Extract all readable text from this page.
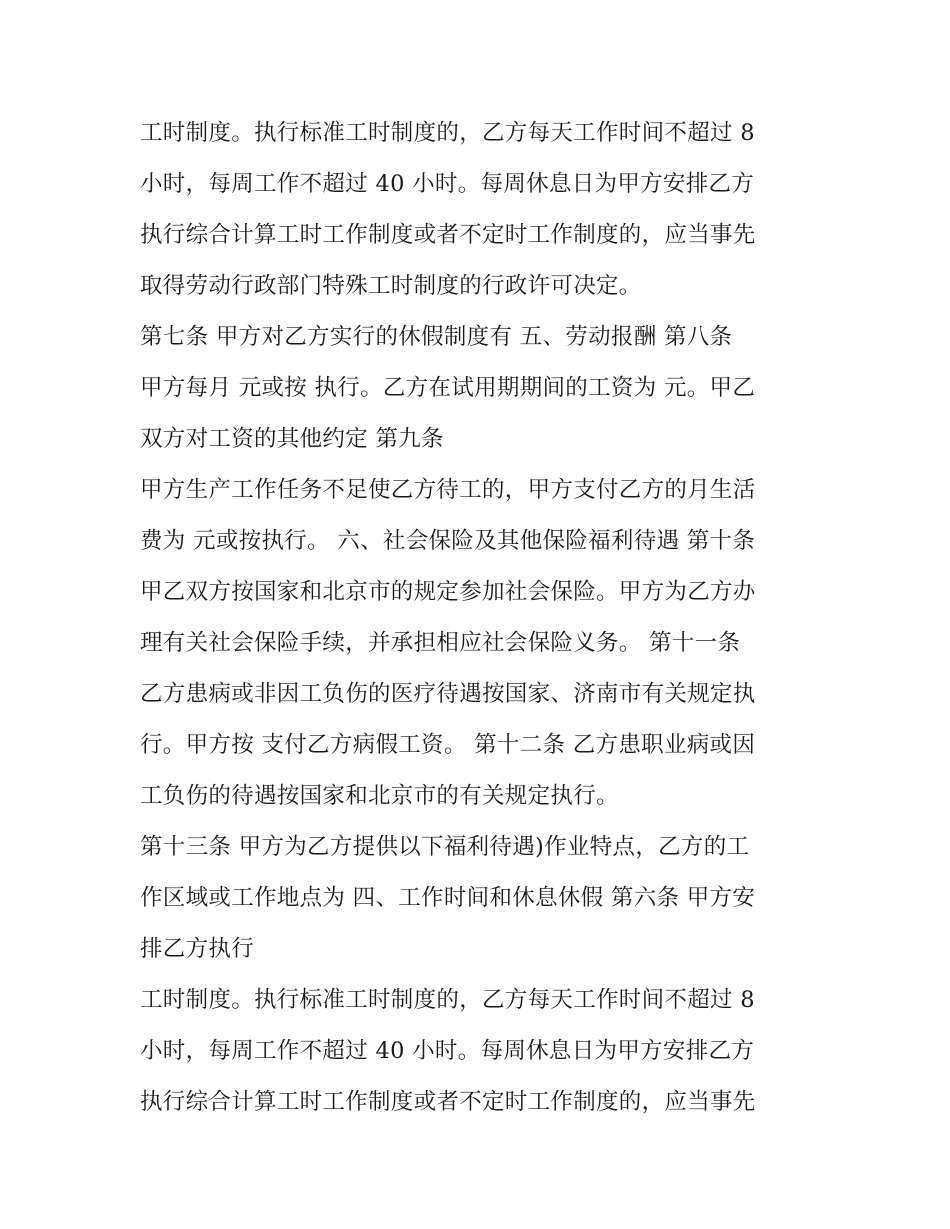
工时制度。执行标准工时制度的，乙方每天工作时间不超过 8
小时，每周工作不超过 40 小时。每周休息日为甲方安排乙方
执行综合计算工时工作制度或者不定时工作制度的，应当事先
取得劳动行政部门特殊工时制度的行政许可决定。
第七条 甲方对乙方实行的休假制度有 五、劳动报酬 第八条
甲方每月 元或按 执行。乙方在试用期期间的工资为 元。甲乙
双方对工资的其他约定 第九条
甲方生产工作任务不足使乙方待工的，甲方支付乙方的月生活
费为 元或按执行。 六、社会保险及其他保险福利待遇 第十条
甲乙双方按国家和北京市的规定参加社会保险。甲方为乙方办
理有关社会保险手续，并承担相应社会保险义务。 第十一条
乙方患病或非因工负伤的医疗待遇按国家、济南市有关规定执
行。甲方按 支付乙方病假工资。 第十二条 乙方患职业病或因
工负伤的待遇按国家和北京市的有关规定执行。
第十三条 甲方为乙方提供以下福利待遇)作业特点，乙方的工
作区域或工作地点为 四、工作时间和休息休假 第六条 甲方安
排乙方执行
工时制度。执行标准工时制度的，乙方每天工作时间不超过 8
小时，每周工作不超过 40 小时。每周休息日为甲方安排乙方
执行综合计算工时工作制度或者不定时工作制度的，应当事先
